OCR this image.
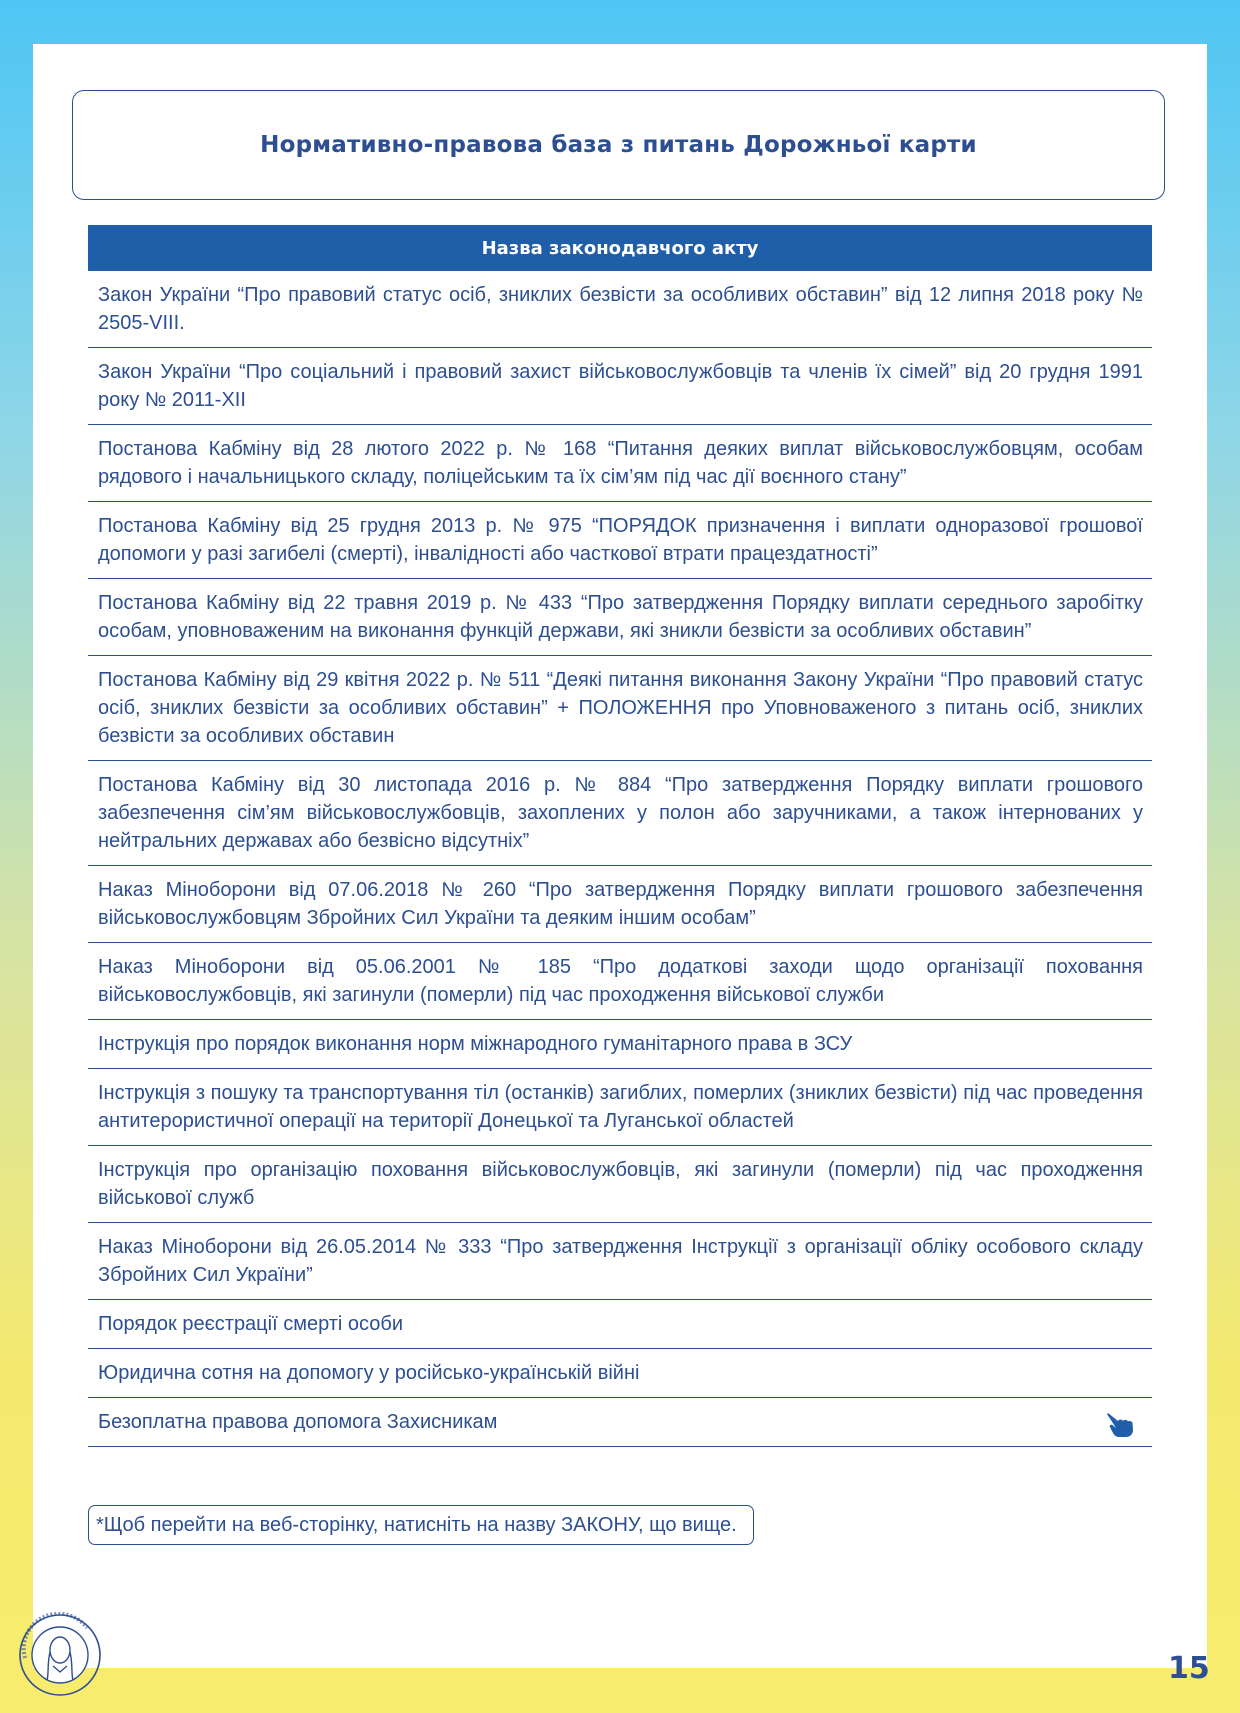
Нормативно-правова база з питань Дорожньої карти
Назва законодавчого акту
Закон України “Про правовий статус осіб, зниклих безвісти за особливих обставин” від 12 липня 2018 року № 2505-VIII.
Закон України “Про соціальний і правовий захист військовослужбовців та членів їх сімей” від 20 грудня 1991 року № 2011-XII
Постанова Кабміну від 28 лютого 2022 р. № 168 “Питання деяких виплат військовослужбовцям, особам рядового і начальницького складу, поліцейським та їх сім’ям під час дії воєнного стану”
Постанова Кабміну від 25 грудня 2013 р. № 975 “ПОРЯДОК призначення і виплати одноразової грошової допомоги у разі загибелі (смерті), інвалідності або часткової втрати працездатності”
Постанова Кабміну від 22 травня 2019 р. № 433 “Про затвердження Порядку виплати середнього заробітку особам, уповноваженим на виконання функцій держави, які зникли безвісти за особливих обставин”
Постанова Кабміну від 29 квітня 2022 р. № 511 “Деякі питання виконання Закону України “Про правовий статус осіб, зниклих безвісти за особливих обставин” + ПОЛОЖЕННЯ про Уповноваженого з питань осіб, зниклих безвісти за особливих обставин
Постанова Кабміну від 30 листопада 2016 р. № 884 “Про затвердження Порядку виплати грошового забезпечення сім’ям військовослужбовців, захоплених у полон або заручниками, а також інтернованих у нейтральних державах або безвісно відсутніх”
Наказ Міноборони від 07.06.2018 № 260 “Про затвердження Порядку виплати грошового забезпечення військовослужбовцям Збройних Сил України та деяким іншим особам”
Наказ Міноборони від 05.06.2001 № 185 “Про додаткові заходи щодо організації поховання військовослужбовців, які загинули (померли) під час проходження військової служби
Інструкція про порядок виконання норм міжнародного гуманітарного права в ЗСУ
Інструкція з пошуку та транспортування тіл (останків) загиблих, померлих (зниклих безвісти) під час проведення антитерористичної операції на території Донецької та Луганської областей
Інструкція про організацію поховання військовослужбовців, які загинули (померли) під час проходження військової служб
Наказ Міноборони від 26.05.2014 № 333 “Про затвердження Інструкції з організації обліку особового складу Збройних Сил України”
Порядок реєстрації смерті особи
Юридична сотня на допомогу у російсько-українській війні
Безоплатна правова допомога Захисникам
*Щоб перейти на веб-сторінку, натисніть на назву ЗАКОНУ, що вище.
15
